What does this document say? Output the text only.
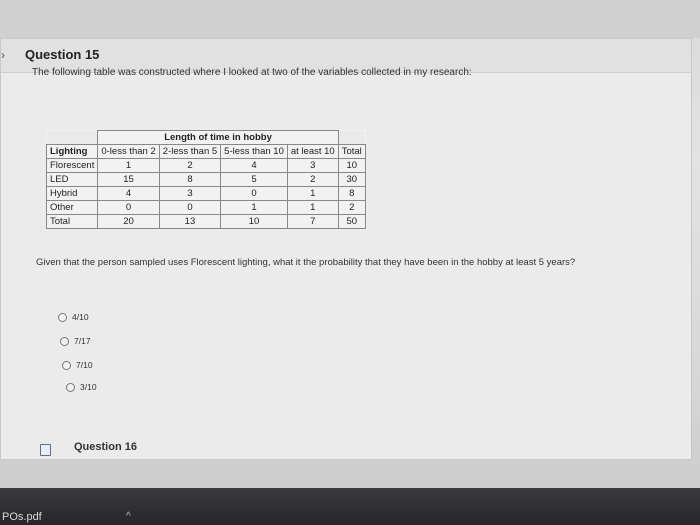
›	Question 15
The following table was constructed where I looked at two of the variables collected in my research:
	Length of time in hobby				
Lighting	0-less than 2	2-less than 5	5-less than 10	at least 10	Total
Florescent	1	2	4	3	10
LED	15	8	5	2	30
Hybrid	4	3	0	1	8
Other	0	0	1	1	2
Total	20	13	10	7	50
Given that the person sampled uses Florescent lighting, what it the probability that they have been in the hobby at least 5 years?
4/10
7/17
7/10
3/10
Question 16
POs.pdf	^
